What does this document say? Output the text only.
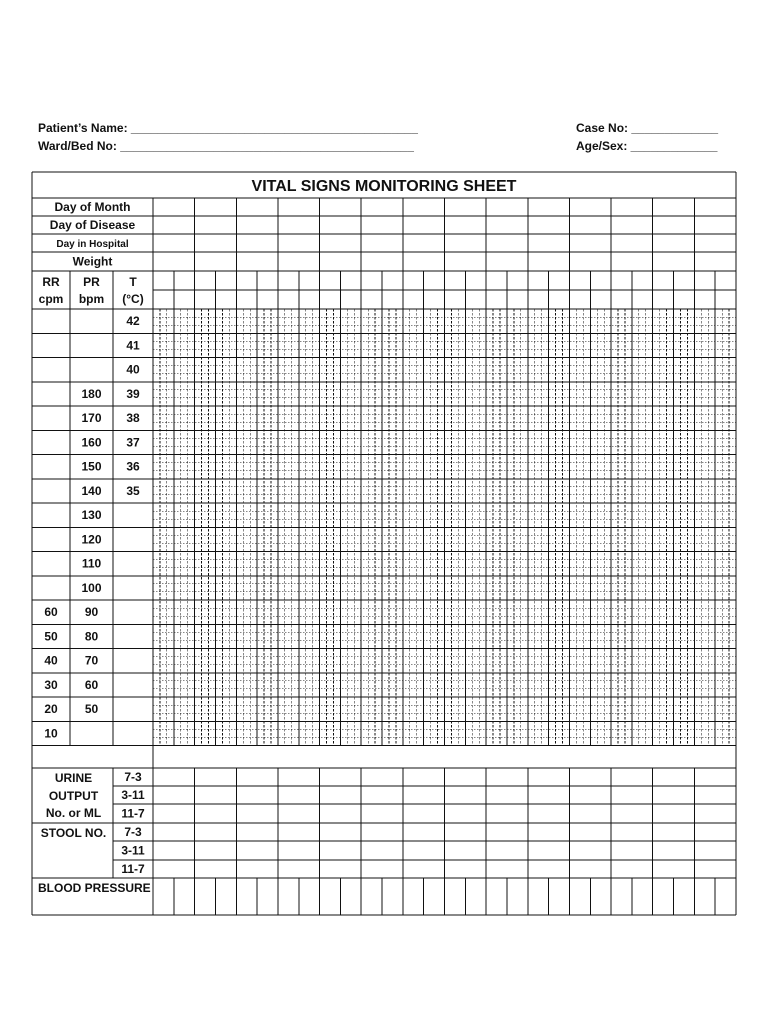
Patient’s Name: ___________________________________________
Ward/Bed No: ____________________________________________
Case No: _____________
Age/Sex: _____________
VITAL SIGNS MONITORING SHEET
Day of Month
Day of Disease
Day in Hospital
Weight
RR
cpm
PR
bpm
T
(°C)
42
41
40
180 39
170 38
160 37
150 36
140 35
130
120
110
100
60 90
50 80
40 70
30 60
20 50
10
7-3
3-11
11-7
7-3
3-11
11-7
URINE
OUTPUT
No. or ML
STOOL NO.
BLOOD PRESSURE
